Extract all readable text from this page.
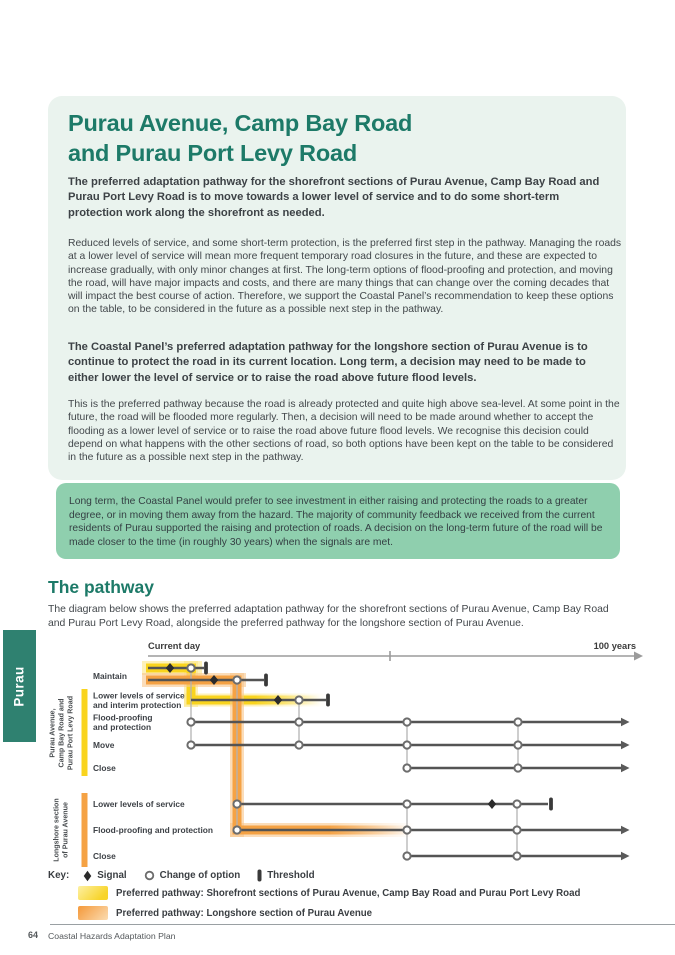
Purau Avenue, Camp Bay Road
and Purau Port Levy Road

The preferred adaptation pathway for the shorefront sections of Purau Avenue, Camp Bay Road and Purau Port Levy Road is to move towards a lower level of service and to do some short-term protection work along the shorefront as needed.

Reduced levels of service, and some short-term protection, is the preferred first step in the pathway. Managing the roads at a lower level of service will mean more frequent temporary road closures in the future, and these are expected to increase gradually, with only minor changes at first. The long-term options of flood-proofing and protection, and moving the road, will have major impacts and costs, and there are many things that can change over the coming decades that will impact the best course of action. Therefore, we support the Coastal Panel’s recommendation to keep these options on the table, to be considered in the future as a possible next step in the pathway.

The Coastal Panel’s preferred adaptation pathway for the longshore section of Purau Avenue is to continue to protect the road in its current location. Long term, a decision may need to be made to either lower the level of service or to raise the road above future flood levels.

This is the preferred pathway because the road is already protected and quite high above sea-level. At some point in the future, the road will be flooded more regularly. Then, a decision will need to be made around whether to accept the flooding as a lower level of service or to raise the road above future flood levels. We recognise this decision could depend on what happens with the other sections of road, so both options have been kept on the table to be considered in the future as a possible next step in the pathway.

Long term, the Coastal Panel would prefer to see investment in either raising and protecting the roads to a greater degree, or in moving them away from the hazard. The majority of community feedback we received from the current residents of Purau supported the raising and protection of roads. A decision on the long-term future of the road will be made closer to the time (in roughly 30 years) when the signals are met.

The pathway

The diagram below shows the preferred adaptation pathway for the shorefront sections of Purau Avenue, Camp Bay Road and Purau Port Levy Road, alongside the preferred pathway for the longshore section of Purau Avenue.

Purau
Current day	100 years
Purau Avenue, Camp Bay Road and Purau Port Levy Road
Longshore section of Purau Avenue
Maintain
Lower levels of service
and interim protection
Flood-proofing
and protection
Move
Close
Lower levels of service
Flood-proofing and protection
Close
Key:	Signal	Change of option	Threshold
Preferred pathway: Shorefront sections of Purau Avenue, Camp Bay Road and Purau Port Levy Road
Preferred pathway: Longshore section of Purau Avenue
64 Coastal Hazards Adaptation Plan
